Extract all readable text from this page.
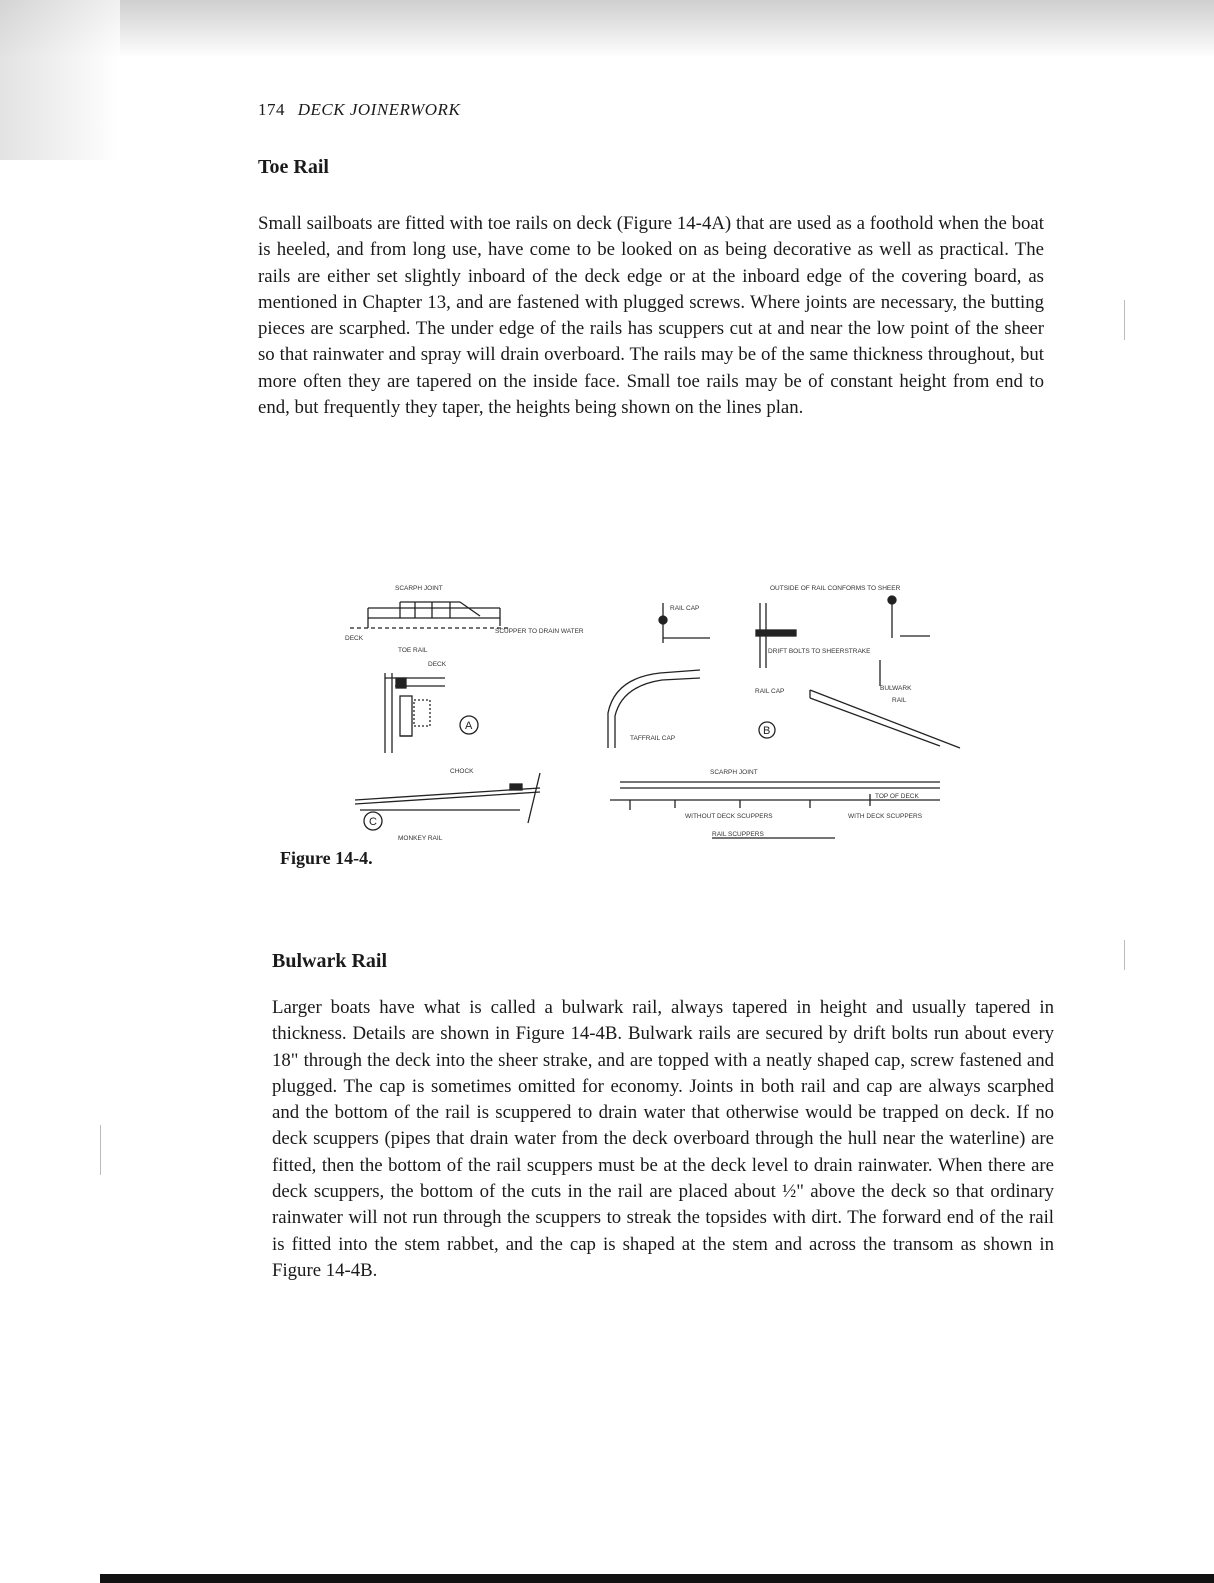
174 DECK JOINERWORK
Toe Rail

Small sailboats are fitted with toe rails on deck (Figure 14-4A) that are used as a foothold when the boat is heeled, and from long use, have come to be looked on as being decorative as well as practical. The rails are either set slightly inboard of the deck edge or at the inboard edge of the covering board, as mentioned in Chapter 13, and are fastened with plugged screws. Where joints are necessary, the butting pieces are scarphed. The under edge of the rails has scuppers cut at and near the low point of the sheer so that rainwater and spray will drain overboard. The rails may be of the same thickness throughout, but more often they are tapered on the inside face. Small toe rails may be of constant height from end to end, but frequently they taper, the heights being shown on the lines plan.

SCARPH JOINT
DECK
SCUPPER TO DRAIN WATER
TOE RAIL
DECK
A
RAIL CAP
OUTSIDE OF RAIL CONFORMS TO SHEER
DRIFT BOLTS TO SHEERSTRAKE
TAFFRAIL CAP
RAIL CAP	BULWARK
RAIL
B
CHOCK
MONKEY RAIL
C
SCARPH JOINT
TOP OF DECK
WITHOUT DECK SCUPPERS	WITH DECK SCUPPERS
RAIL SCUPPERS

Figure 14-4.

Bulwark Rail

Larger boats have what is called a bulwark rail, always tapered in height and usually tapered in thickness. Details are shown in Figure 14-4B. Bulwark rails are secured by drift bolts run about every 18" through the deck into the sheer strake, and are topped with a neatly shaped cap, screw fastened and plugged. The cap is sometimes omitted for economy. Joints in both rail and cap are always scarphed and the bottom of the rail is scuppered to drain water that otherwise would be trapped on deck. If no deck scuppers (pipes that drain water from the deck overboard through the hull near the waterline) are fitted, then the bottom of the rail scuppers must be at the deck level to drain rainwater. When there are deck scuppers, the bottom of the cuts in the rail are placed about ½" above the deck so that ordinary rainwater will not run through the scuppers to streak the topsides with dirt. The forward end of the rail is fitted into the stem rabbet, and the cap is shaped at the stem and across the transom as shown in Figure 14-4B.
